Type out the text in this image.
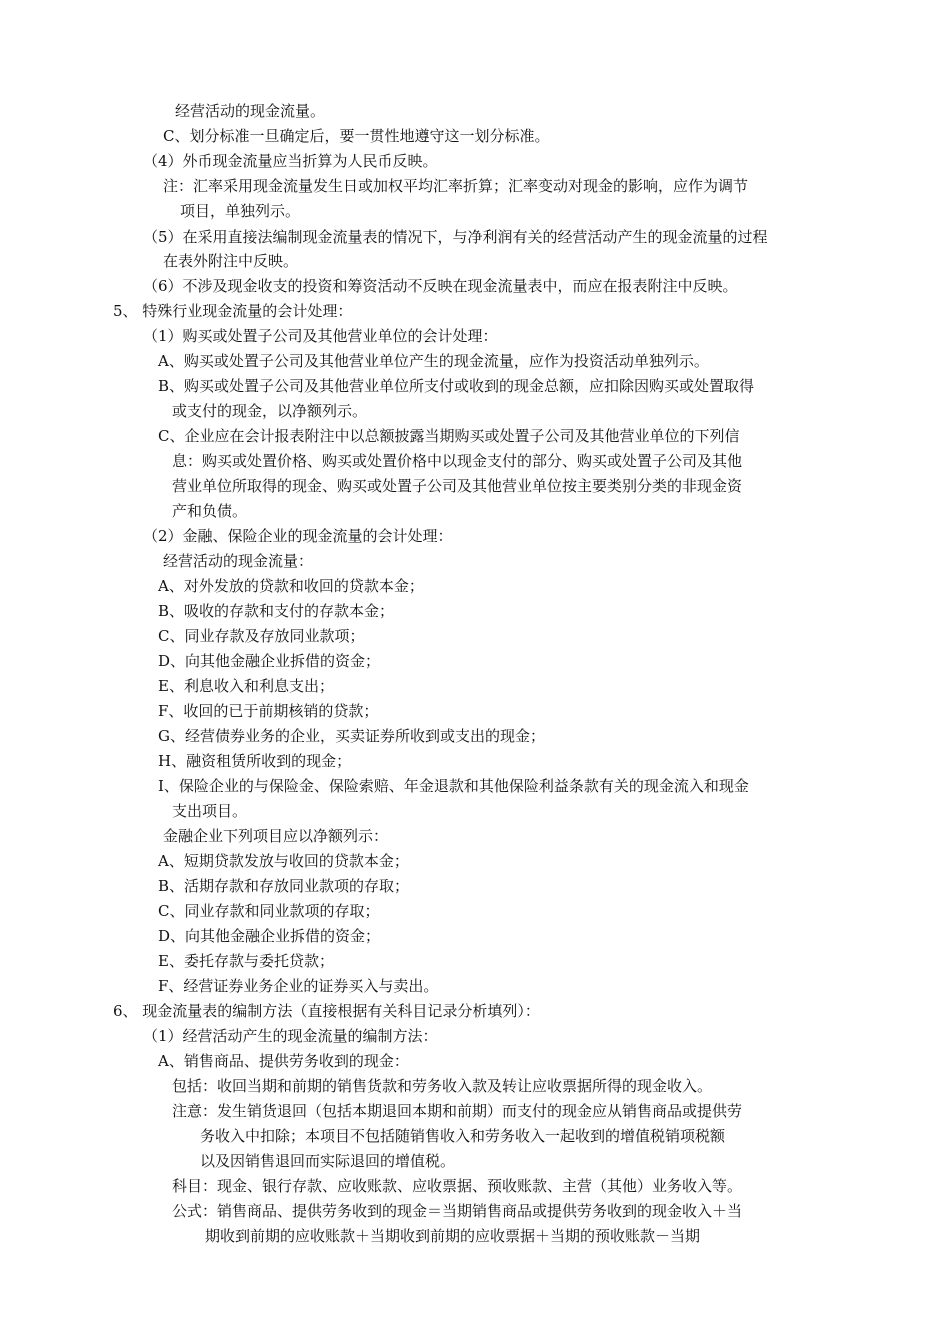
经营活动的现金流量。
C、划分标准一旦确定后，要一贯性地遵守这一划分标准。
（4）外币现金流量应当折算为人民币反映。
注：汇率采用现金流量发生日或加权平均汇率折算；汇率变动对现金的影响，应作为调节
项目，单独列示。
（5）在采用直接法编制现金流量表的情况下，与净利润有关的经营活动产生的现金流量的过程
在表外附注中反映。
（6）不涉及现金收支的投资和筹资活动不反映在现金流量表中，而应在报表附注中反映。
5、 特殊行业现金流量的会计处理：
（1）购买或处置子公司及其他营业单位的会计处理：
A、购买或处置子公司及其他营业单位产生的现金流量，应作为投资活动单独列示。
B、购买或处置子公司及其他营业单位所支付或收到的现金总额，应扣除因购买或处置取得
或支付的现金，以净额列示。
C、企业应在会计报表附注中以总额披露当期购买或处置子公司及其他营业单位的下列信
息：购买或处置价格、购买或处置价格中以现金支付的部分、购买或处置子公司及其他
营业单位所取得的现金、购买或处置子公司及其他营业单位按主要类别分类的非现金资
产和负债。
（2）金融、保险企业的现金流量的会计处理：
经营活动的现金流量：
A、对外发放的贷款和收回的贷款本金；
B、吸收的存款和支付的存款本金；
C、同业存款及存放同业款项；
D、向其他金融企业拆借的资金；
E、利息收入和利息支出；
F、收回的已于前期核销的贷款；
G、经营债券业务的企业，买卖证券所收到或支出的现金；
H、融资租赁所收到的现金；
I、保险企业的与保险金、保险索赔、年金退款和其他保险利益条款有关的现金流入和现金
支出项目。
金融企业下列项目应以净额列示：
A、短期贷款发放与收回的贷款本金；
B、活期存款和存放同业款项的存取；
C、同业存款和同业款项的存取；
D、向其他金融企业拆借的资金；
E、委托存款与委托贷款；
F、经营证券业务企业的证券买入与卖出。
6、 现金流量表的编制方法（直接根据有关科目记录分析填列）：
（1）经营活动产生的现金流量的编制方法：
A、销售商品、提供劳务收到的现金：
包括：收回当期和前期的销售货款和劳务收入款及转让应收票据所得的现金收入。
注意：发生销货退回（包括本期退回本期和前期）而支付的现金应从销售商品或提供劳
务收入中扣除；本项目不包括随销售收入和劳务收入一起收到的增值税销项税额
以及因销售退回而实际退回的增值税。
科目：现金、银行存款、应收账款、应收票据、预收账款、主营（其他）业务收入等。
公式：销售商品、提供劳务收到的现金＝当期销售商品或提供劳务收到的现金收入＋当
期收到前期的应收账款＋当期收到前期的应收票据＋当期的预收账款－当期
